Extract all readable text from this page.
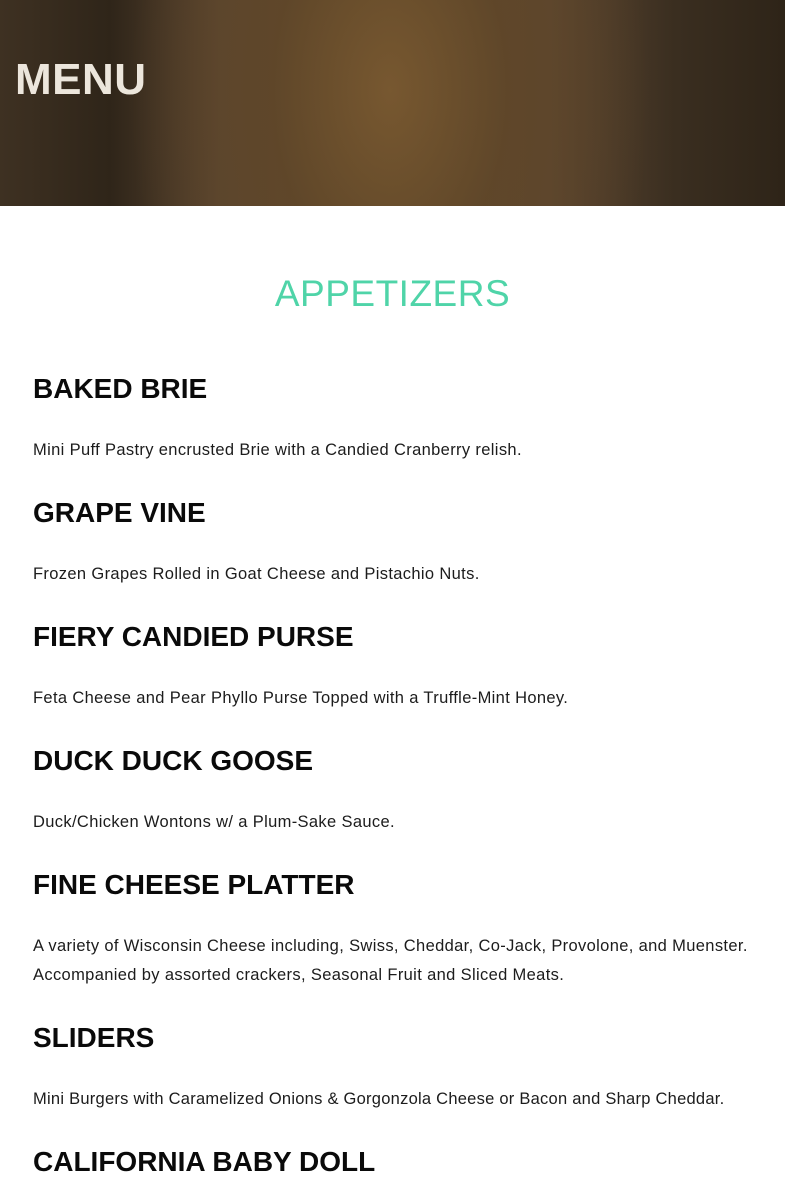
MENU
APPETIZERS
BAKED BRIE

Mini Puff Pastry encrusted Brie with a Candied Cranberry relish.

GRAPE VINE

Frozen Grapes Rolled in Goat Cheese and Pistachio Nuts.

FIERY CANDIED PURSE

Feta Cheese and Pear Phyllo Purse Topped with a Truffle-Mint Honey.

DUCK DUCK GOOSE

Duck/Chicken Wontons w/ a Plum-Sake Sauce.

FINE CHEESE PLATTER

A variety of Wisconsin Cheese including, Swiss, Cheddar, Co-Jack, Provolone, and Muenster. Accompanied by assorted crackers, Seasonal Fruit and Sliced Meats.

SLIDERS

Mini Burgers with Caramelized Onions & Gorgonzola Cheese or Bacon and Sharp Cheddar.

CALIFORNIA BABY DOLL
